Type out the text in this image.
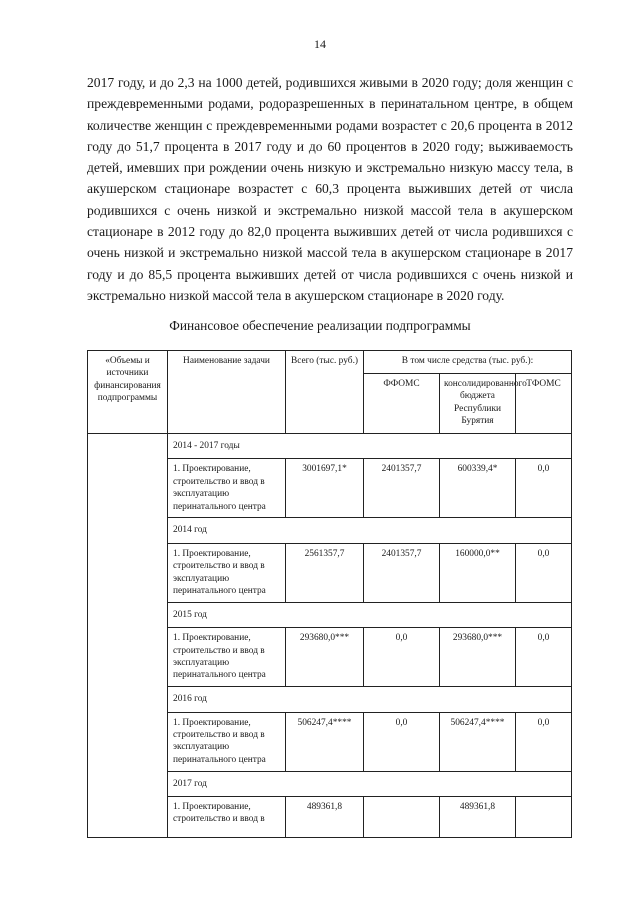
14

2017 году, и до 2,3 на 1000 детей, родившихся живыми в 2020 году; доля женщин с преждевременными родами, родоразрешенных в перинатальном центре, в общем количестве женщин с преждевременными родами возрастет с 20,6 процента в 2012 году до 51,7 процента в 2017 году и до 60 процентов в 2020 году; выживаемость детей, имевших при рождении очень низкую и экстремально низкую массу тела, в акушерском стационаре возрастет с 60,3 процента выживших детей от числа родившихся с очень низкой и экстремально низкой массой тела в акушерском стационаре в 2012 году до 82,0 процента выживших детей от числа родившихся с очень низкой и экстремально низкой массой тела в акушерском стационаре в 2017 году и до 85,5 процента выживших детей от числа родившихся с очень низкой и экстремально низкой массой тела в акушерском стационаре в 2020 году.

Финансовое обеспечение реализации подпрограммы
«Объемы и источники финансирования подпрограммы	Наименование задачи	Всего (тыс. руб.)	В том числе средства (тыс. руб.):		
			ФФОМС	консолидированного бюджета Республики Бурятия	ТФОМС
	2014 - 2017 годы				
	1. Проектирование, строительство и ввод в эксплуатацию перинатального центра	3001697,1*	2401357,7	600339,4*	0,0
	2014 год				
	1. Проектирование, строительство и ввод в эксплуатацию перинатального центра	2561357,7	2401357,7	160000,0**	0,0
	2015 год				
	1. Проектирование, строительство и ввод в эксплуатацию перинатального центра	293680,0***	0,0	293680,0***	0,0
	2016 год				
	1. Проектирование, строительство и ввод в эксплуатацию перинатального центра	506247,4****	0,0	506247,4****	0,0
	2017 год				
	1. Проектирование, строительство и ввод в	489361,8		489361,8	
